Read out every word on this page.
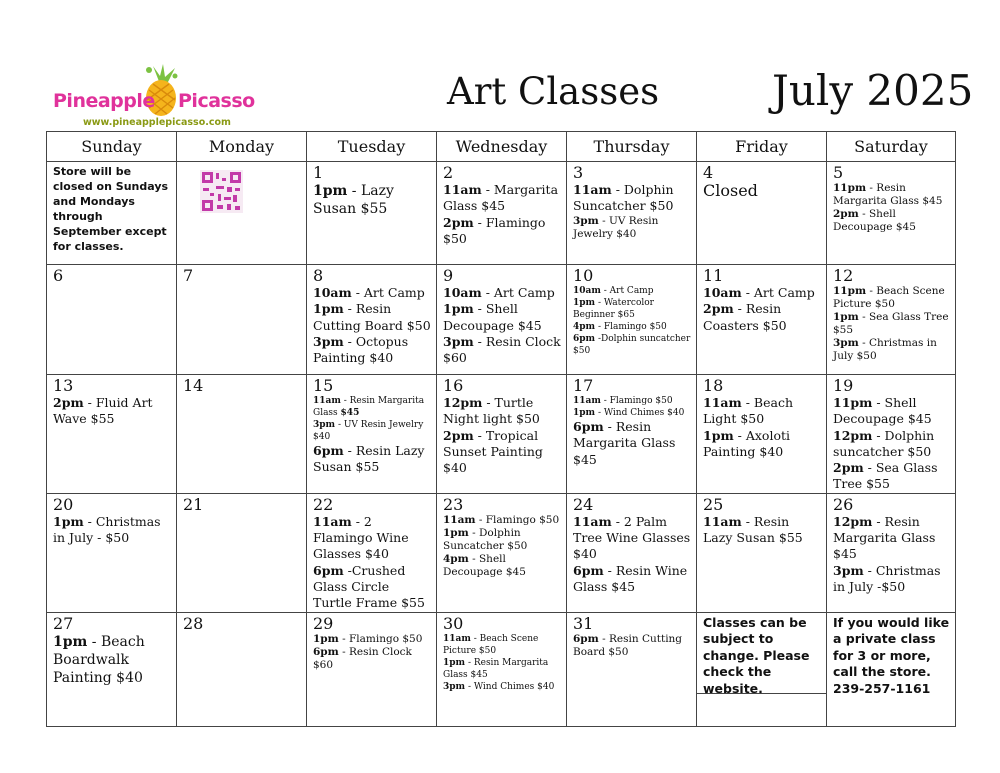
Pineapple Picasso
www.pineapplepicasso.com
Art Classes	July 2025
Sunday	Monday	Tuesday	Wednesday	Thursday	Friday	Saturday

Store will be closed on Sundays and Mondays through September except for classes.		1
1pm - Lazy Susan $55	2
11am - Margarita Glass $45
2pm - Flamingo $50	3
11am - Dolphin Suncatcher $50
3pm - UV Resin Jewelry $40	4
Closed	5
11pm - Resin Margarita Glass $45
2pm - Shell Decoupage $45

6	7	8
10am - Art Camp
1pm - Resin Cutting Board $50
3pm - Octopus Painting $40	9
10am - Art Camp
1pm - Shell Decoupage $45
3pm - Resin Clock $60	10
10am - Art Camp
1pm - Watercolor Beginner $65
4pm - Flamingo $50
6pm -Dolphin suncatcher $50	11
10am - Art Camp
2pm - Resin Coasters $50	12
11pm - Beach Scene Picture $50
1pm - Sea Glass Tree $55
3pm - Christmas in July $50

13
2pm - Fluid Art Wave $55	14	15
11am - Resin Margarita Glass $45
3pm - UV Resin Jewelry $40
6pm - Resin Lazy Susan $55	16
12pm - Turtle Night light $50
2pm - Tropical Sunset Painting $40	17
11am - Flamingo $50
1pm - Wind Chimes $40
6pm - Resin Margarita Glass $45	18
11am - Beach Light $50
1pm - Axoloti Painting $40	19
11pm - Shell Decoupage $45
12pm - Dolphin suncatcher $50
2pm - Sea Glass Tree $55

20
1pm - Christmas in July - $50	21	22
11am - 2 Flamingo Wine Glasses $40
6pm -Crushed Glass Circle Turtle Frame $55	23
11am - Flamingo $50
1pm - Dolphin Suncatcher $50
4pm - Shell Decoupage $45	24
11am - 2 Palm Tree Wine Glasses $40
6pm - Resin Wine Glass $45	25
11am - Resin Lazy Susan $55	26
12pm - Resin Margarita Glass $45
3pm - Christmas in July -$50

27
1pm - Beach Boardwalk Painting $40	28	29
1pm - Flamingo $50
6pm - Resin Clock $60	30
11am - Beach Scene Picture $50
1pm - Resin Margarita Glass $45
3pm - Wind Chimes $40	31
6pm - Resin Cutting Board $50	Classes can be subject to change. Please check the website.	If you would like a private class for 3 or more, call the store. 239-257-1161
